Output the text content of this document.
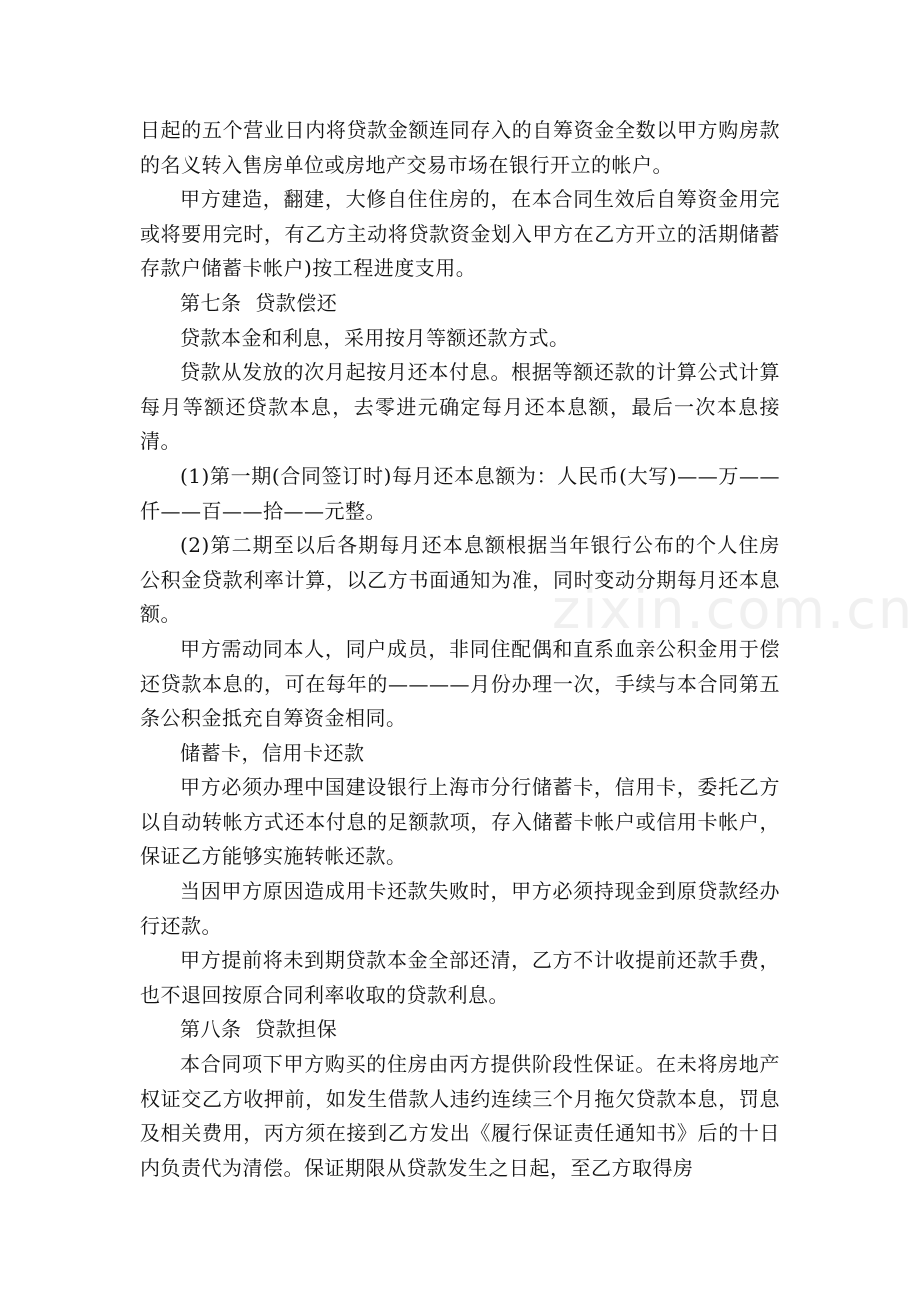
日起的五个营业日内将贷款金额连同存入的自筹资金全数以甲方购房款的名义转入售房单位或房地产交易市场在银行开立的帐户。

甲方建造，翻建，大修自住住房的，在本合同生效后自筹资金用完或将要用完时，有乙方主动将贷款资金划入甲方在乙方开立的活期储蓄存款户储蓄卡帐户)按工程进度支用。

第七条  贷款偿还

贷款本金和利息，采用按月等额还款方式。

贷款从发放的次月起按月还本付息。根据等额还款的计算公式计算每月等额还贷款本息，去零进元确定每月还本息额，最后一次本息接清。

(1)第一期(合同签订时)每月还本息额为：人民币(大写)——万——仟——百——拾——元整。

(2)第二期至以后各期每月还本息额根据当年银行公布的个人住房公积金贷款利率计算，以乙方书面通知为准，同时变动分期每月还本息额。

甲方需动同本人，同户成员，非同住配偶和直系血亲公积金用于偿还贷款本息的，可在每年的————月份办理一次，手续与本合同第五条公积金抵充自筹资金相同。

储蓄卡，信用卡还款

甲方必须办理中国建设银行上海市分行储蓄卡，信用卡，委托乙方以自动转帐方式还本付息的足额款项，存入储蓄卡帐户或信用卡帐户，保证乙方能够实施转帐还款。

当因甲方原因造成用卡还款失败时，甲方必须持现金到原贷款经办行还款。

甲方提前将未到期贷款本金全部还清，乙方不计收提前还款手费，也不退回按原合同利率收取的贷款利息。

第八条  贷款担保

本合同项下甲方购买的住房由丙方提供阶段性保证。在未将房地产权证交乙方收押前，如发生借款人违约连续三个月拖欠贷款本息，罚息及相关费用，丙方须在接到乙方发出《履行保证责任通知书》后的十日内负责代为清偿。保证期限从贷款发生之日起，至乙方取得房

zixin.com.cn
